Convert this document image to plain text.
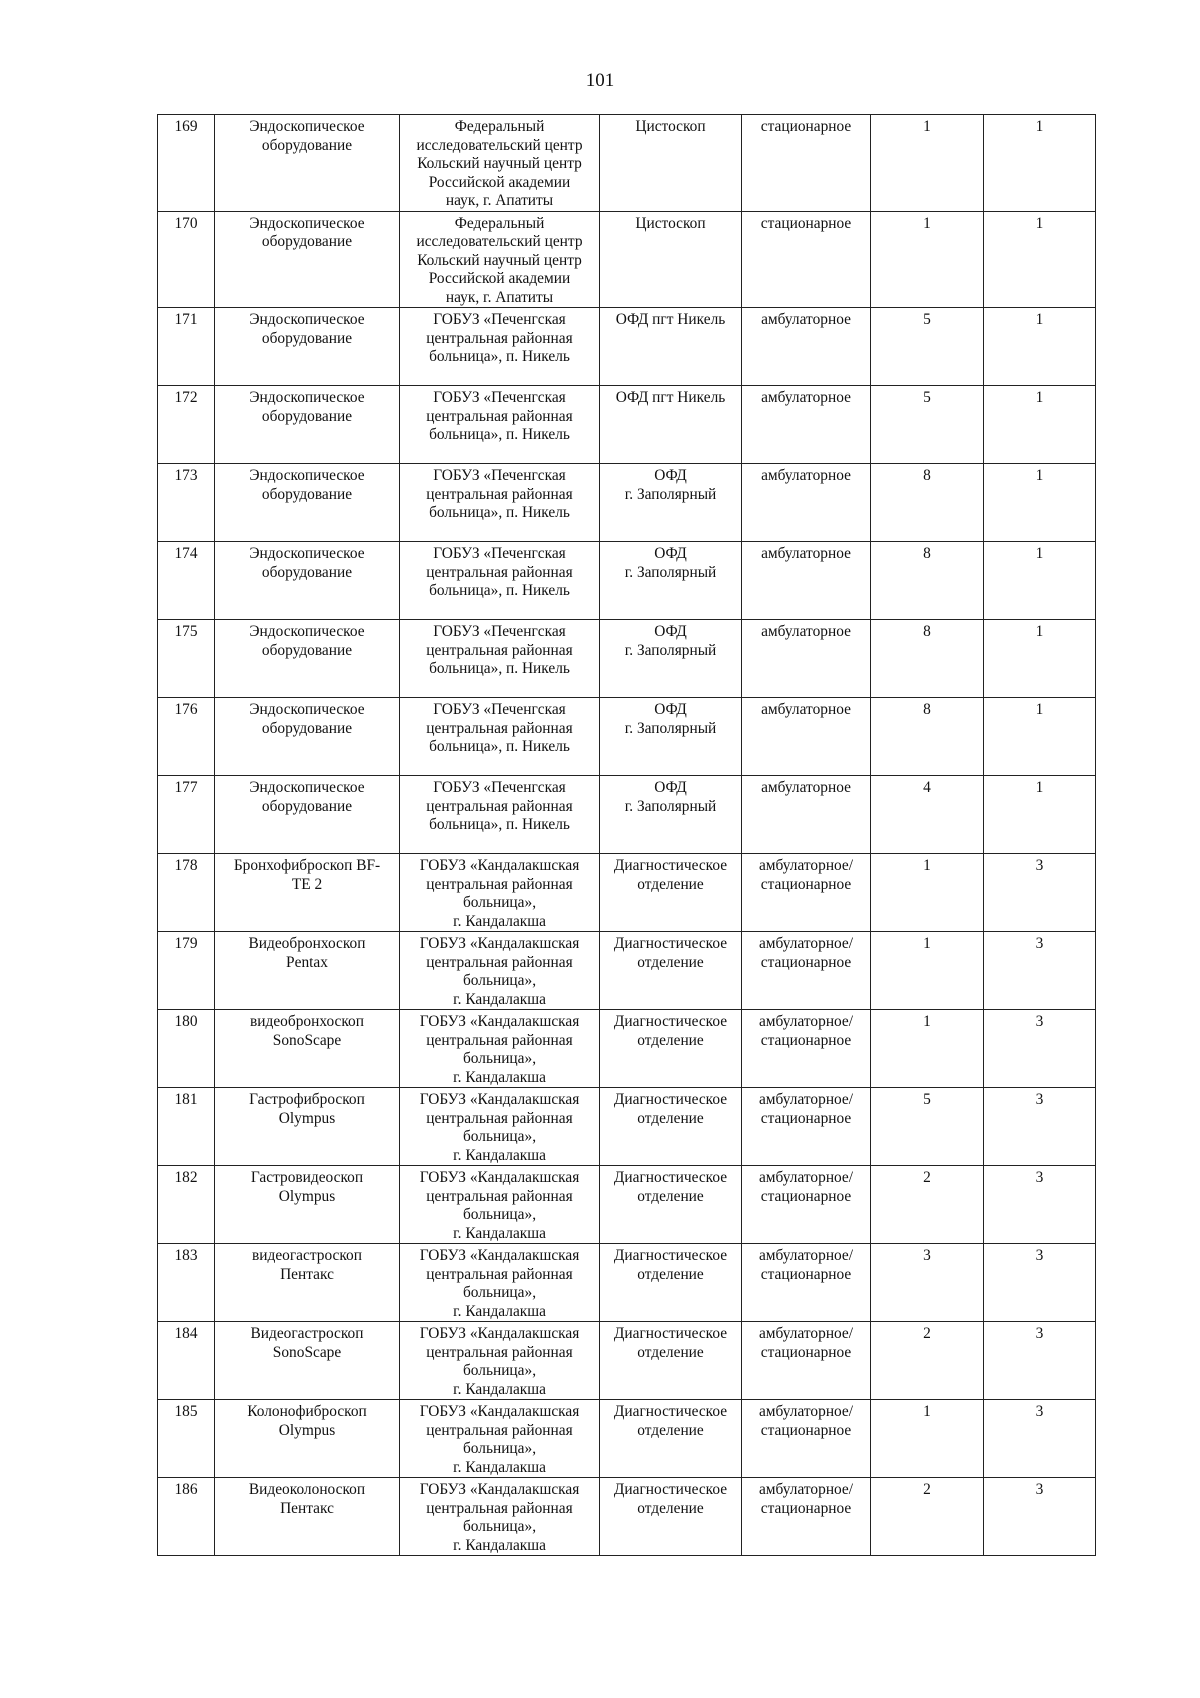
101
169	Эндоскопическое
оборудование	Федеральный
исследовательский центр
Кольский научный центр
Российской академии
наук, г. Апатиты	Цистоскоп	стационарное	1	1
170	Эндоскопическое
оборудование	Федеральный
исследовательский центр
Кольский научный центр
Российской академии
наук, г. Апатиты	Цистоскоп	стационарное	1	1
171	Эндоскопическое
оборудование	ГОБУЗ «Печенгская
центральная районная
больница», п. Никель	ОФД пгт Никель	амбулаторное	5	1
172	Эндоскопическое
оборудование	ГОБУЗ «Печенгская
центральная районная
больница», п. Никель	ОФД пгт Никель	амбулаторное	5	1
173	Эндоскопическое
оборудование	ГОБУЗ «Печенгская
центральная районная
больница», п. Никель	ОФД
г. Заполярный	амбулаторное	8	1
174	Эндоскопическое
оборудование	ГОБУЗ «Печенгская
центральная районная
больница», п. Никель	ОФД
г. Заполярный	амбулаторное	8	1
175	Эндоскопическое
оборудование	ГОБУЗ «Печенгская
центральная районная
больница», п. Никель	ОФД
г. Заполярный	амбулаторное	8	1
176	Эндоскопическое
оборудование	ГОБУЗ «Печенгская
центральная районная
больница», п. Никель	ОФД
г. Заполярный	амбулаторное	8	1
177	Эндоскопическое
оборудование	ГОБУЗ «Печенгская
центральная районная
больница», п. Никель	ОФД
г. Заполярный	амбулаторное	4	1
178	Бронхофиброскоп BF-
TE 2	ГОБУЗ «Кандалакшская
центральная районная
больница»,
г. Кандалакша	Диагностическое
отделение	амбулаторное/
стационарное	1	3
179	Видеобронхоскоп
Pentax	ГОБУЗ «Кандалакшская
центральная районная
больница»,
г. Кандалакша	Диагностическое
отделение	амбулаторное/
стационарное	1	3
180	видеобронхоскоп
SonoScape	ГОБУЗ «Кандалакшская
центральная районная
больница»,
г. Кандалакша	Диагностическое
отделение	амбулаторное/
стационарное	1	3
181	Гастрофиброскоп
Olympus	ГОБУЗ «Кандалакшская
центральная районная
больница»,
г. Кандалакша	Диагностическое
отделение	амбулаторное/
стационарное	5	3
182	Гастровидеоскоп
Olympus	ГОБУЗ «Кандалакшская
центральная районная
больница»,
г. Кандалакша	Диагностическое
отделение	амбулаторное/
стационарное	2	3
183	видеогастроскоп
Пентакс	ГОБУЗ «Кандалакшская
центральная районная
больница»,
г. Кандалакша	Диагностическое
отделение	амбулаторное/
стационарное	3	3
184	Видеогастроскоп
SonoScape	ГОБУЗ «Кандалакшская
центральная районная
больница»,
г. Кандалакша	Диагностическое
отделение	амбулаторное/
стационарное	2	3
185	Колонофиброскоп
Olympus	ГОБУЗ «Кандалакшская
центральная районная
больница»,
г. Кандалакша	Диагностическое
отделение	амбулаторное/
стационарное	1	3
186	Видеоколоноскоп
Пентакс	ГОБУЗ «Кандалакшская
центральная районная
больница»,
г. Кандалакша	Диагностическое
отделение	амбулаторное/
стационарное	2	3
